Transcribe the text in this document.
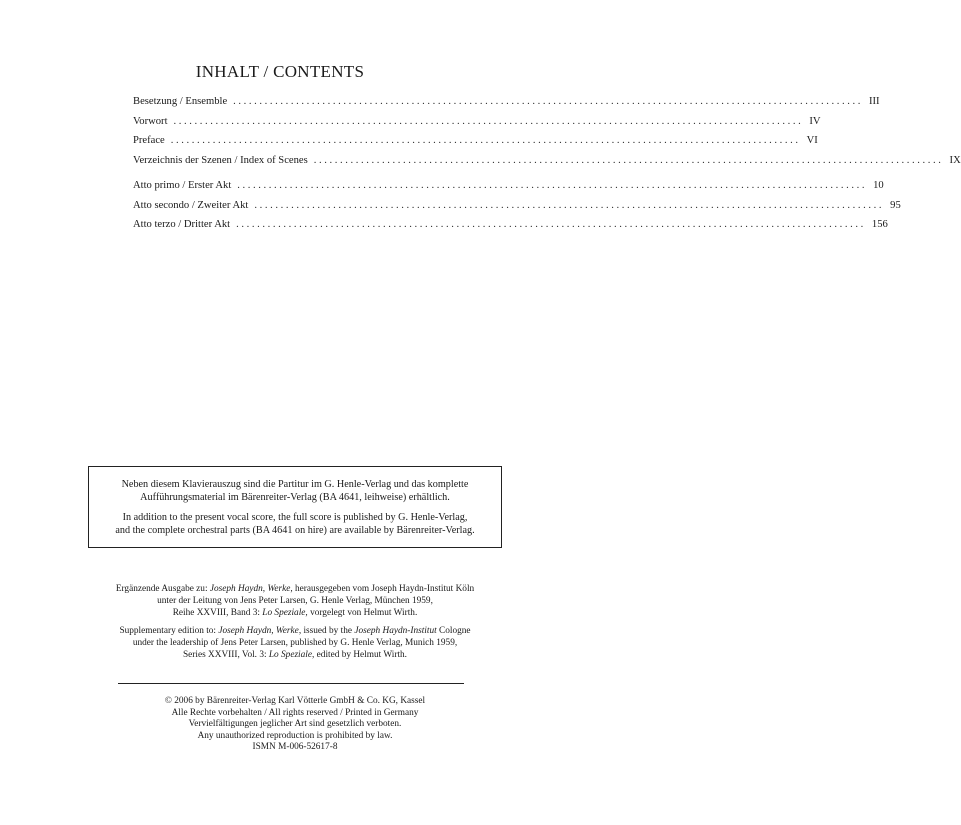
INHALT / CONTENTS
Besetzung / Ensemble ........................................................................................................................ III
Vorwort ........................................................................................................................ IV
Preface ........................................................................................................................ VI
Verzeichnis der Szenen / Index of Scenes ........................................................................................................................ IX
Atto primo / Erster Akt ........................................................................................................................ 10
Atto secondo / Zweiter Akt ........................................................................................................................ 95
Atto terzo / Dritter Akt ........................................................................................................................ 156

Neben diesem Klavierauszug sind die Partitur im G. Henle-Verlag und das komplette
Aufführungsmaterial im Bärenreiter-Verlag (BA 4641, leihweise) erhältlich.

In addition to the present vocal score, the full score is published by G. Henle-Verlag,
and the complete orchestral parts (BA 4641 on hire) are available by Bärenreiter-Verlag.

Ergänzende Ausgabe zu: Joseph Haydn, Werke, herausgegeben vom Joseph Haydn-Institut Köln

unter der Leitung von Jens Peter Larsen, G. Henle Verlag, München 1959,

Reihe XXVIII, Band 3: Lo Speziale, vorgelegt von Helmut Wirth.

Supplementary edition to: Joseph Haydn, Werke, issued by the Joseph Haydn-Institut Cologne

under the leadership of Jens Peter Larsen, published by G. Henle Verlag, Munich 1959,

Series XXVIII, Vol. 3: Lo Speziale, edited by Helmut Wirth.

© 2006 by Bärenreiter-Verlag Karl Vötterle GmbH & Co. KG, Kassel

Alle Rechte vorbehalten / All rights reserved / Printed in Germany

Vervielfältigungen jeglicher Art sind gesetzlich verboten.

Any unauthorized reproduction is prohibited by law.

ISMN M-006-52617-8
